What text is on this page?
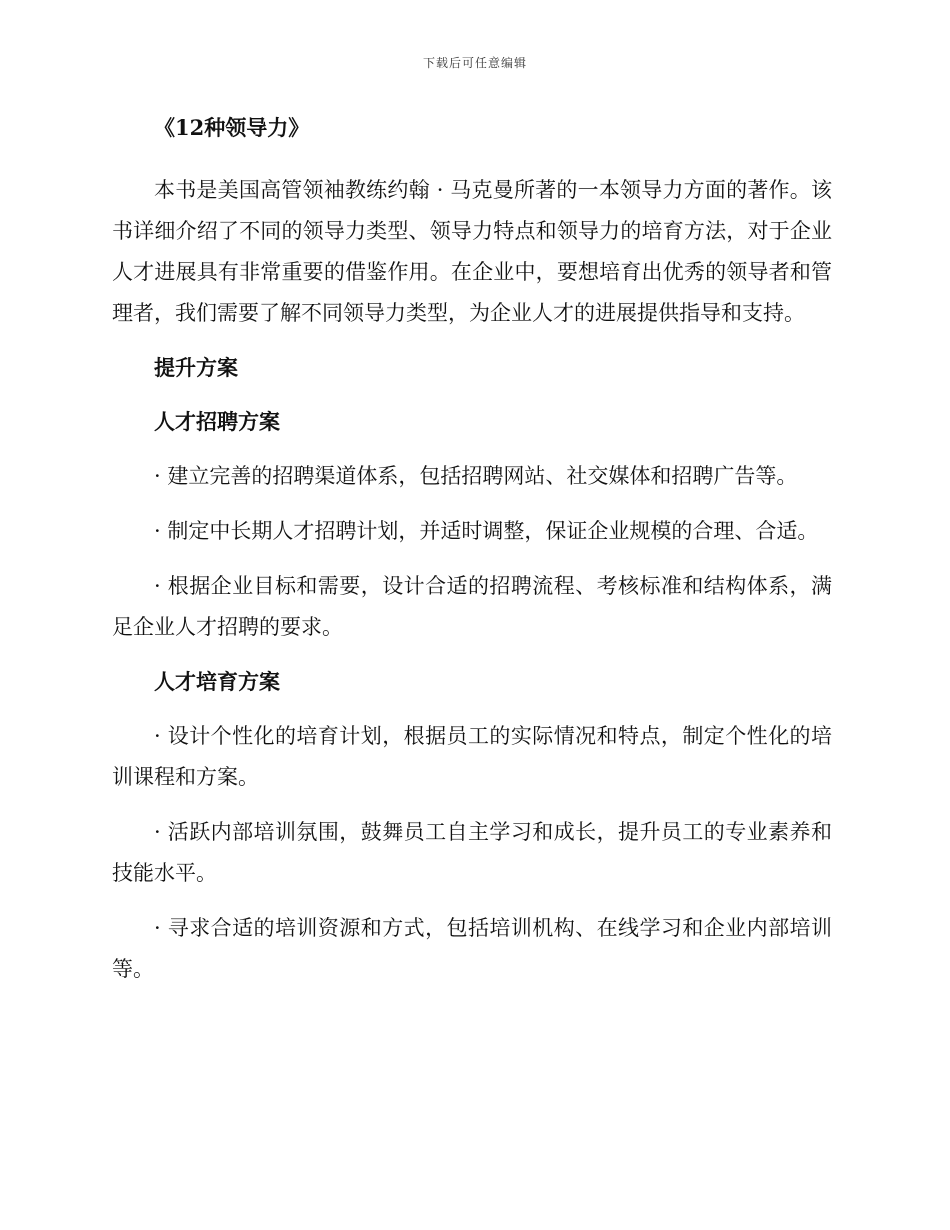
下载后可任意编辑
《12种领导力》
本书是美国高管领袖教练约翰 · 马克曼所著的一本领导力方面的著作。该书详细介绍了不同的领导力类型、领导力特点和领导力的培育方法，对于企业人才进展具有非常重要的借鉴作用。在企业中，要想培育出优秀的领导者和管理者，我们需要了解不同领导力类型，为企业人才的进展提供指导和支持。
提升方案
人才招聘方案
· 建立完善的招聘渠道体系，包括招聘网站、社交媒体和招聘广告等。
· 制定中长期人才招聘计划，并适时调整，保证企业规模的合理、合适。
· 根据企业目标和需要，设计合适的招聘流程、考核标准和结构体系，满足企业人才招聘的要求。
人才培育方案
· 设计个性化的培育计划，根据员工的实际情况和特点，制定个性化的培训课程和方案。
· 活跃内部培训氛围，鼓舞员工自主学习和成长，提升员工的专业素养和技能水平。
· 寻求合适的培训资源和方式，包括培训机构、在线学习和企业内部培训等。
